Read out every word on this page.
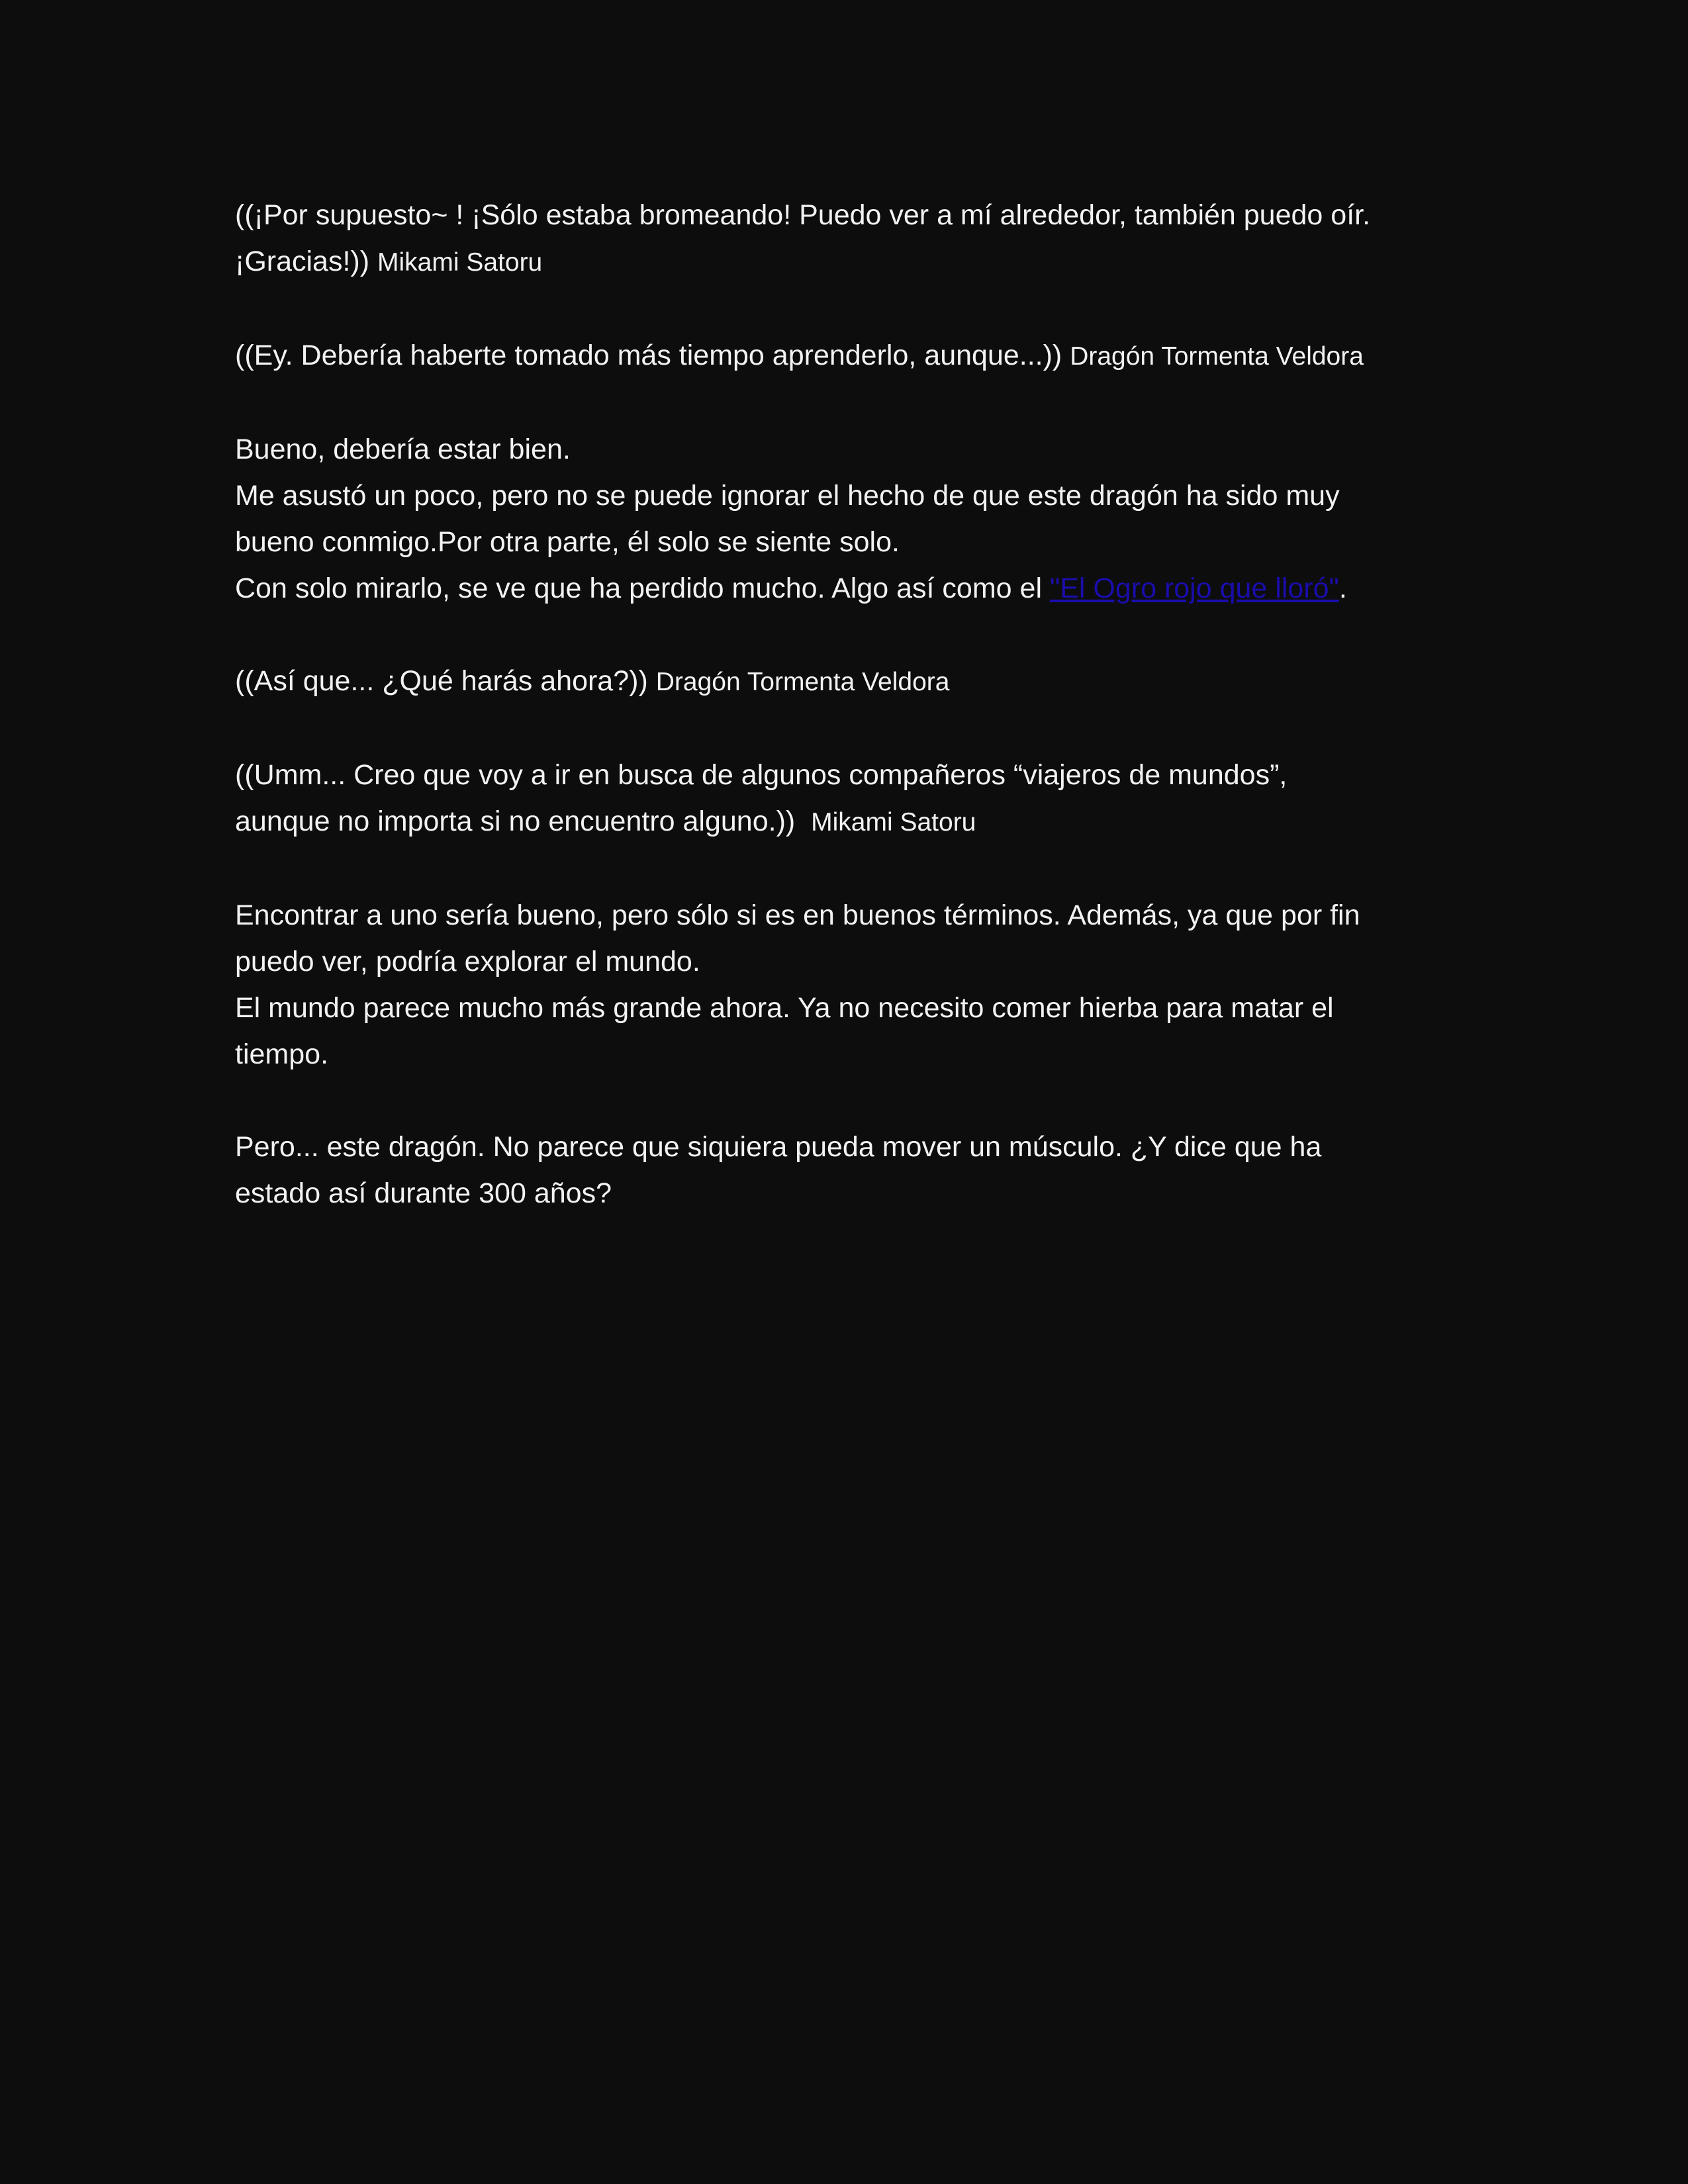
((¡Por supuesto~ ! ¡Sólo estaba bromeando! Puedo ver a mí alrededor, también puedo oír.
¡Gracias!)) Mikami Satoru
((Ey. Debería haberte tomado más tiempo aprenderlo, aunque...)) Dragón Tormenta Veldora
Bueno, debería estar bien.
Me asustó un poco, pero no se puede ignorar el hecho de que este dragón ha sido muy
bueno conmigo.Por otra parte, él solo se siente solo.
Con solo mirarlo, se ve que ha perdido mucho. Algo así como el "El Ogro rojo que lloró".
((Así que... ¿Qué harás ahora?)) Dragón Tormenta Veldora
((Umm... Creo que voy a ir en busca de algunos compañeros “viajeros de mundos”,
aunque no importa si no encuentro alguno.)) Mikami Satoru
Encontrar a uno sería bueno, pero sólo si es en buenos términos. Además, ya que por fin
puedo ver, podría explorar el mundo.
El mundo parece mucho más grande ahora. Ya no necesito comer hierba para matar el
tiempo.
Pero... este dragón. No parece que siquiera pueda mover un músculo. ¿Y dice que ha
estado así durante 300 años?
